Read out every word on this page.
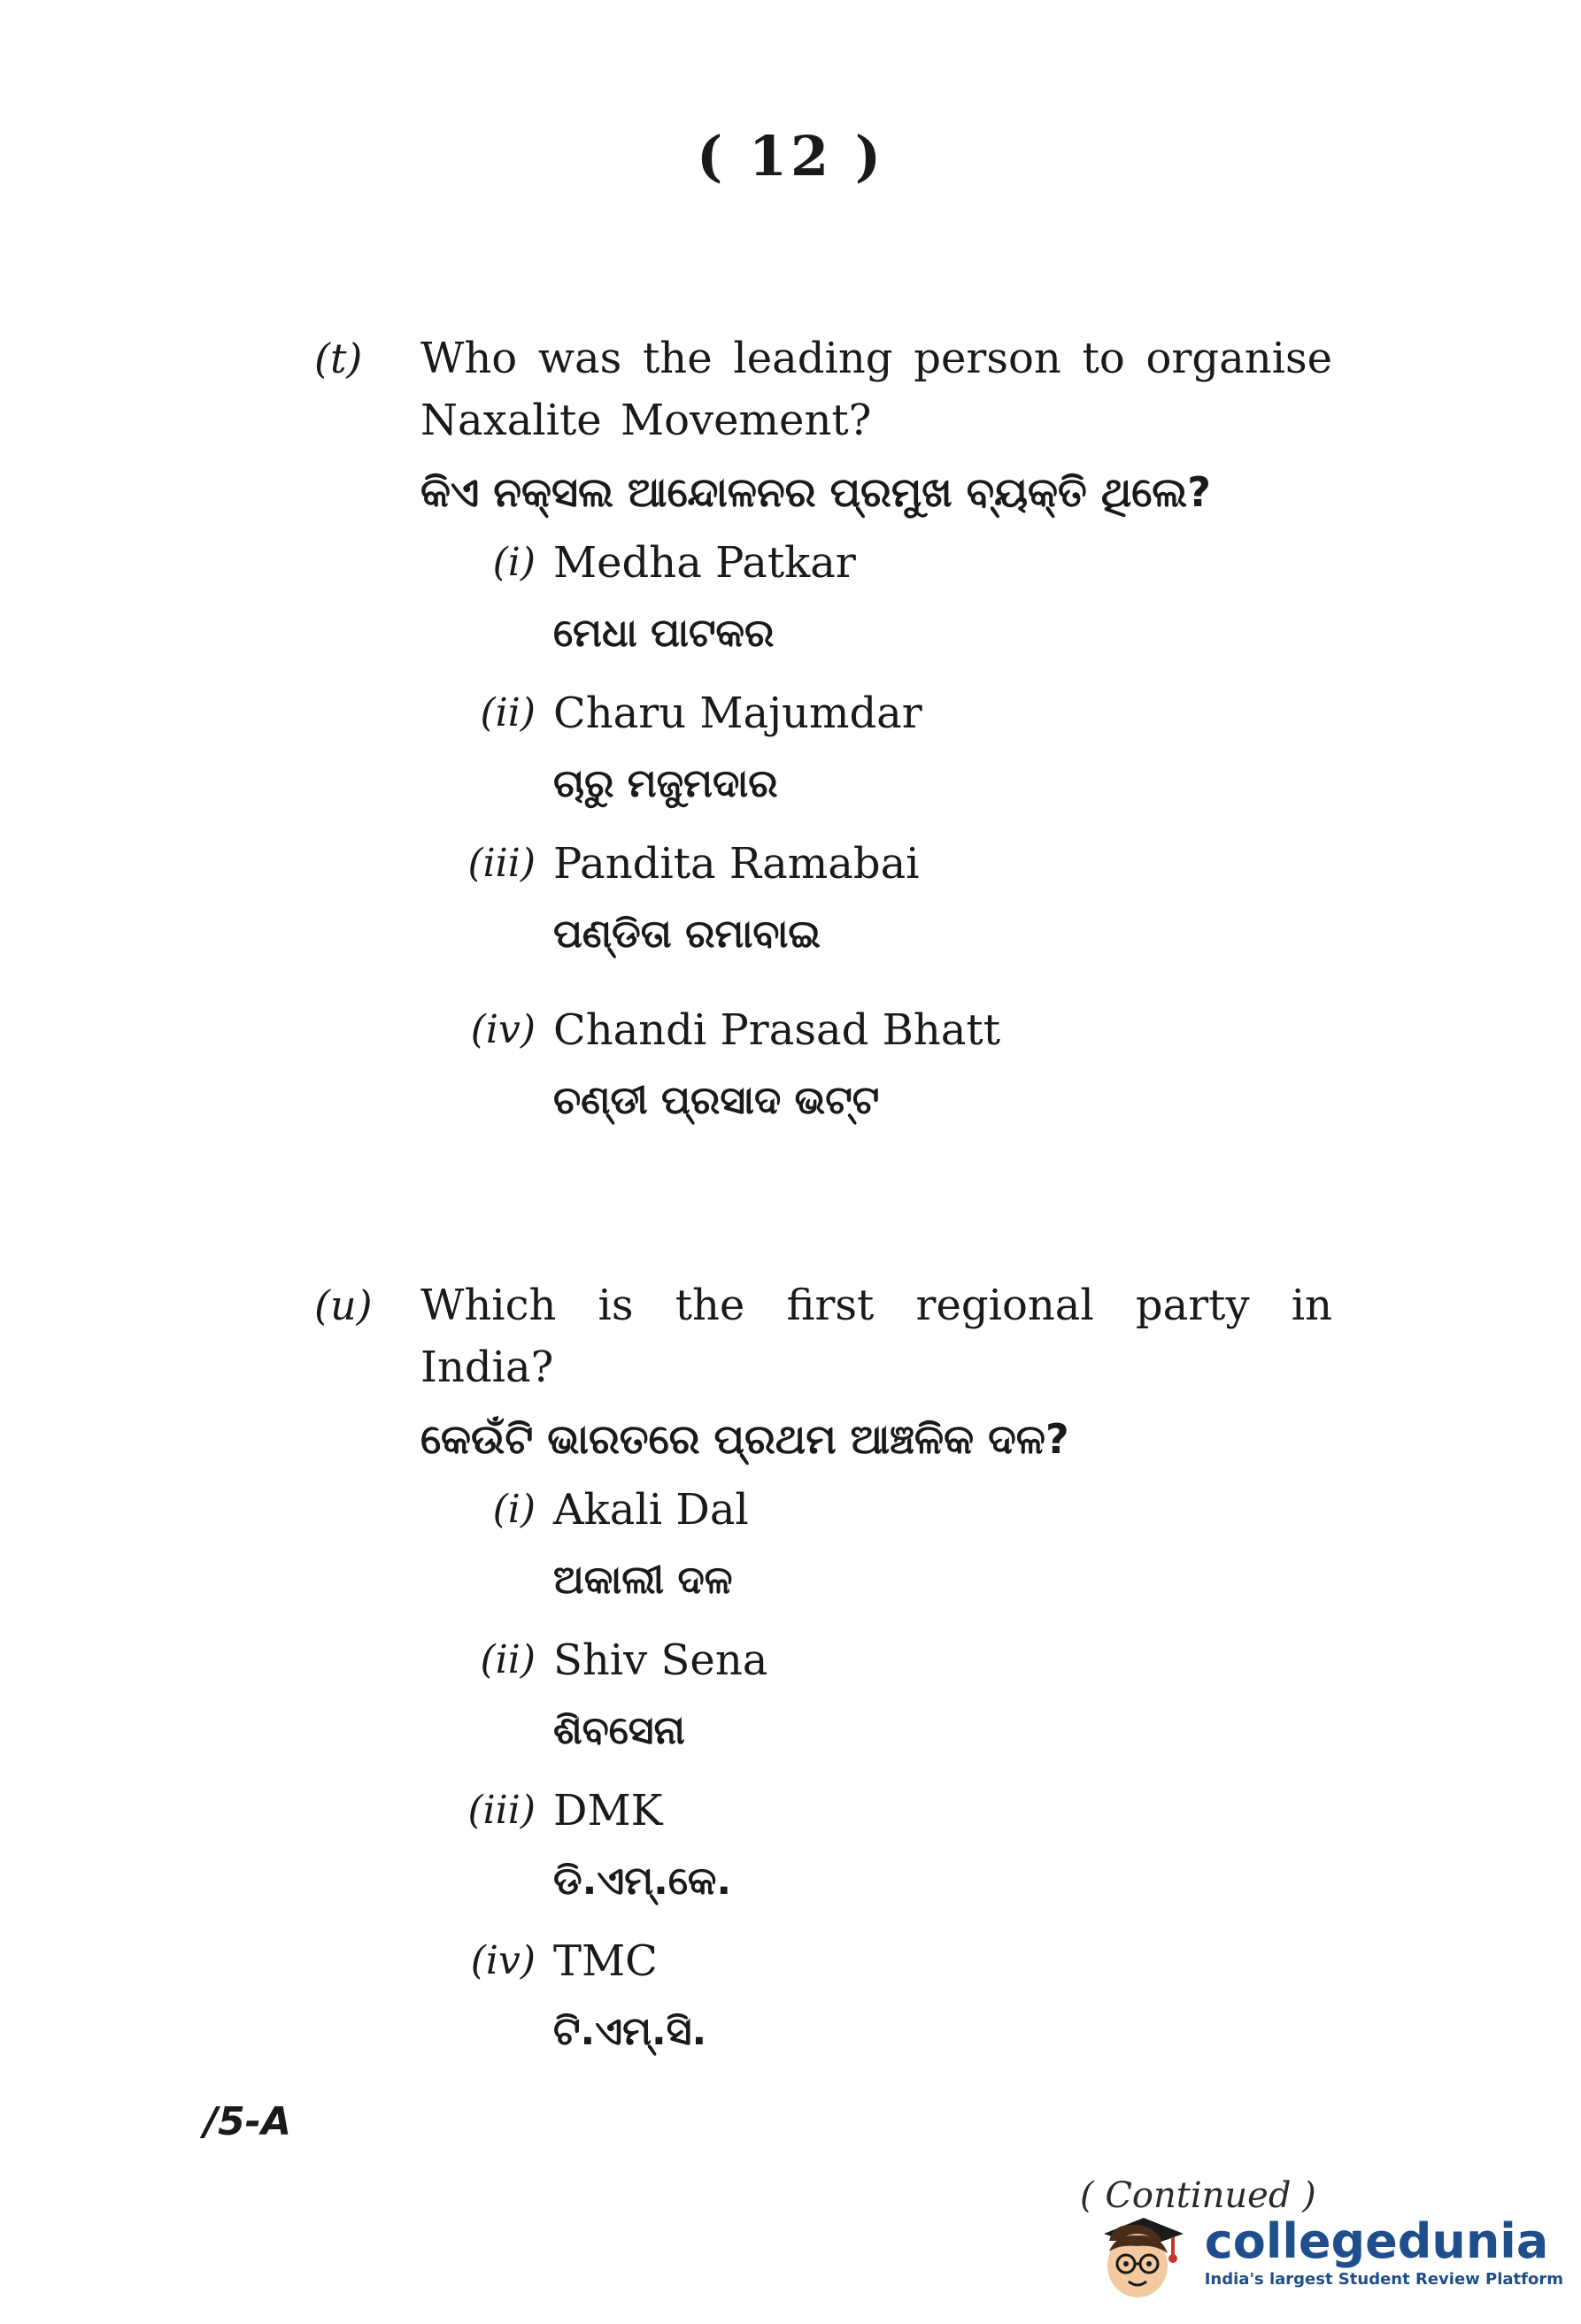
( 12 )
(t) Who was the leading person to organise Naxalite Movement?
କିଏ ନକ୍ସଲ ଆନ୍ଦୋଳନର ପ୍ରମୁଖ ବ୍ୟକ୍ତି ଥିଲେ?
(i) Medha Patkar
ମେଧା ପାଟକର
(ii) Charu Majumdar
ଚାରୁ ମଜୁମଦାର
(iii) Pandita Ramabai
ପଣ୍ଡିତା ରମାବାଇ
(iv) Chandi Prasad Bhatt
ଚଣ୍ଡୀ ପ୍ରସାଦ ଭଟ୍ଟ
(u) Which is the first regional party in India?
କେଉଁଟି ଭାରତରେ ପ୍ରଥମ ଆଞ୍ଚଳିକ ଦଳ?
(i) Akali Dal
ଅକାଲୀ ଦଳ
(ii) Shiv Sena
ଶିବସେନା
(iii) DMK
ଡି.ଏମ୍.କେ.
(iv) TMC
ଟି.ଏମ୍.ସି.
/5-A
( Continued )
collegedunia
India's largest Student Review Platform
